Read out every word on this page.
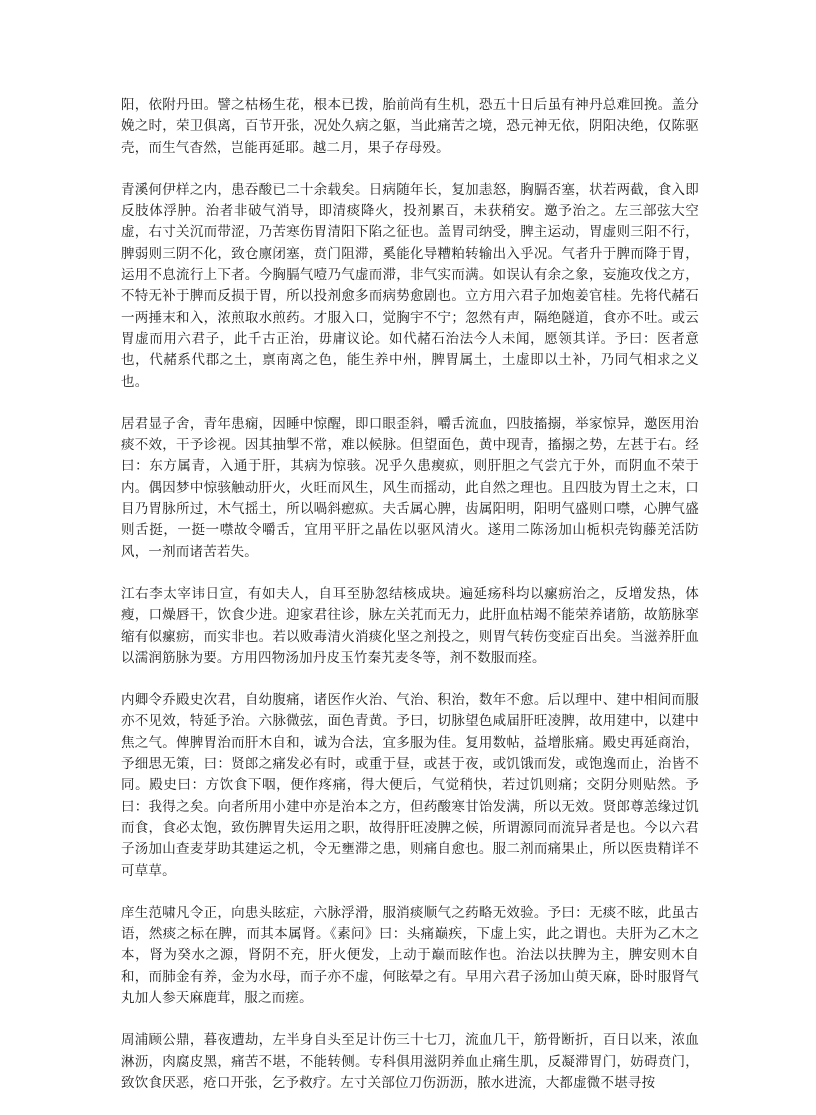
阳，依附丹田。譬之枯杨生花，根本已拨，胎前尚有生机，恐五十日后虽有神丹总难回挽。盖分娩之时，荣卫俱离，百节开张，况处久病之躯，当此痛苦之境，恐元神无依，阴阳决绝，仅陈驱壳，而生气杳然，岂能再延耶。越二月，果子存母殁。

青溪何伊样之内，患吞酸已二十余载矣。日病随年长，复加恚怒，胸膈否塞，状若两截，食入即反肢体浮肿。治者非破气消导，即清痰降火，投剂累百，未获稍安。邀予治之。左三部弦大空虚，右寸关沉而带涩，乃苦寒伤胃清阳下陷之征也。盖胃司纳受，脾主运动，胃虚则三阳不行，脾弱则三阴不化，致仓廪闭塞，贲门阻滞，奚能化导糟粕转输出入乎况。气者升于脾而降于胃，运用不息流行上下者。今胸膈气噎乃气虚而滞，非气实而满。如误认有余之象，妄施攻伐之方，不特无补于脾而反损于胃，所以投剂愈多而病势愈剧也。立方用六君子加炮姜官桂。先将代赭石一两捶末和入，浓煎取水煎药。才服入口，觉胸宇不宁；忽然有声，隔绝隧道，食亦不吐。或云胃虚而用六君子，此千古正治，毋庸议论。如代赭石治法今人未闻，愿领其详。予曰：医者意也，代赭系代郡之土，禀南离之色，能生养中州，脾胃属土，土虚即以土补，乃同气相求之义也。

居君显子舍，青年患痫，因睡中惊醒，即口眼歪斜，嚼舌流血，四肢搐搦，举家惊异，邀医用治痰不效，干予诊视。因其抽掣不常，难以候脉。但望面色，黄中现青，搐搦之势，左甚于右。经曰：东方属青，入通于肝，其病为惊骇。况乎久患瘈疭，则肝胆之气尝亢于外，而阴血不荣于内。偶因梦中惊骇触动肝火，火旺而风生，风生而摇动，此自然之理也。且四肢为胃土之末，口目乃胃脉所过，木气摇土，所以喎斜瘛疭。夫舌属心脾，齿属阳明，阳明气盛则口噤，心脾气盛则舌挺，一挺一噤故令嚼舌，宜用平肝之晶佐以驱风清火。遂用二陈汤加山栀枳壳钩藤羌活防风，一剂而诸苦若失。

江右李太宰讳日宣，有如夫人，自耳至胁忽结核成块。遍延疡科均以瘰疬治之，反增发热，体瘦，口燥唇干，饮食少进。迎家君往诊，脉左关芤而无力，此肝血枯竭不能荣养诸筋，故筋脉挛缩有似瘰疬，而实非也。若以败毒清火消痰化坚之剂投之，则胃气转伤变症百出矣。当滋养肝血以濡润筋脉为要。方用四物汤加丹皮玉竹秦艽麦冬等，剂不数服而痊。

内卿令乔殿史次君，自幼腹痛，诸医作火治、气治、积治，数年不愈。后以理中、建中相间而服亦不见效，特延予治。六脉微弦，面色青黄。予曰，切脉望色咸届肝旺凌脾，故用建中，以建中焦之气。俾脾胃治而肝木自和，诚为合法，宜多服为佳。复用数帖，益增胀痛。殿史再延商治，予细思无策，曰：贤郎之痛发必有时，或重于昼，或甚于夜，或饥饿而发，或饱逸而止，治皆不同。殿史曰：方饮食下咽，便作疼痛，得大便后，气觉稍快，若过饥则痛；交阴分则贴然。予曰：我得之矣。向者所用小建中亦是治本之方，但药酸寒甘饴发满，所以无效。贤郎尊恙缘过饥而食，食必太饱，致伤脾胃失运用之职，故得肝旺凌脾之候，所谓源同而流异者是也。今以六君子汤加山查麦芽助其建运之机，令无壅滞之患，则痛自愈也。服二剂而痛果止，所以医贵精详不可草草。

庠生范啸凡令正，向患头眩症，六脉浮滑，服消痰顺气之药略无效验。予曰：无痰不眩，此虽古语，然痰之标在脾，而其本属肾。《素问》曰：头痛巅疾，下虚上实，此之谓也。夫肝为乙木之本，肾为癸水之源，肾阴不充，肝火便发，上动于巅而眩作也。治法以扶脾为主，脾安则木自和，而肺金有养，金为水母，而子亦不虚，何眩晕之有。早用六君子汤加山萸天麻，卧时服肾气丸加人参天麻鹿茸，服之而瘥。

周浦顾公鼎，暮夜遭劫，左半身自头至足计伤三十七刀，流血几干，筋骨断折，百日以来，浓血淋沥，肉腐皮黑，痛苦不堪，不能转侧。专科俱用滋阴养血止痛生肌，反凝滞胃门，妨碍贲门，致饮食厌恶，疮口开张，乞予救疗。左寸关部位刀伤沥沥，脓水进流，大都虚微不堪寻按
